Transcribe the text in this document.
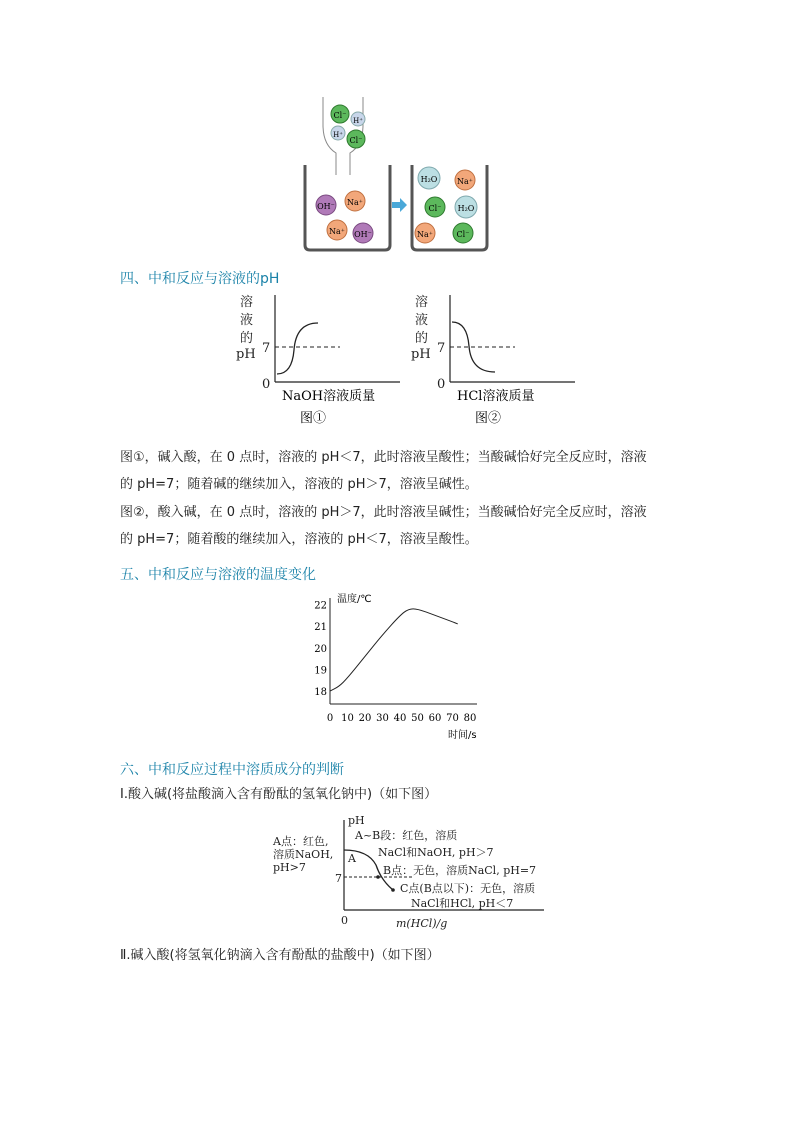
Cl⁻
H⁺
H⁺
Cl⁻
OH⁻ Na⁺
Na⁺ OH⁻
H₂O Na⁺
Cl⁻ H₂O
Na⁺	Cl⁻
四、中和反应与溶液的pH
溶
液
的
pH 7
0
NaOH溶液质量
图①
溶
液
的
pH 7
0
HCl溶液质量
图②
图①，碱入酸，在 0 点时，溶液的 pH＜7，此时溶液呈酸性；当酸碱恰好完全反应时，溶液
的 pH=7；随着碱的继续加入，溶液的 pH＞7，溶液呈碱性。
图②，酸入碱，在 0 点时，溶液的 pH＞7，此时溶液呈碱性；当酸碱恰好完全反应时，溶液
的 pH=7；随着酸的继续加入，溶液的 pH＜7，溶液呈酸性。
五、中和反应与溶液的温度变化
温度/℃
时间/s
0 10 20 30 40 50 60 70 80
18
19
20
21
22
六、中和反应过程中溶质成分的判断
Ⅰ.酸入碱(将盐酸滴入含有酚酞的氢氧化钠中)（如下图）
pH
7
0
A
m(HCl)/g
A点：红色,
溶质NaOH,
pH>7
A~B段：红色，溶质
NaCl和NaOH, pH＞7
B点：无色，溶质NaCl, pH=7
C点(B点以下)：无色，溶质
NaCl和HCl, pH＜7
Ⅱ.碱入酸(将氢氧化钠滴入含有酚酞的盐酸中)（如下图）
